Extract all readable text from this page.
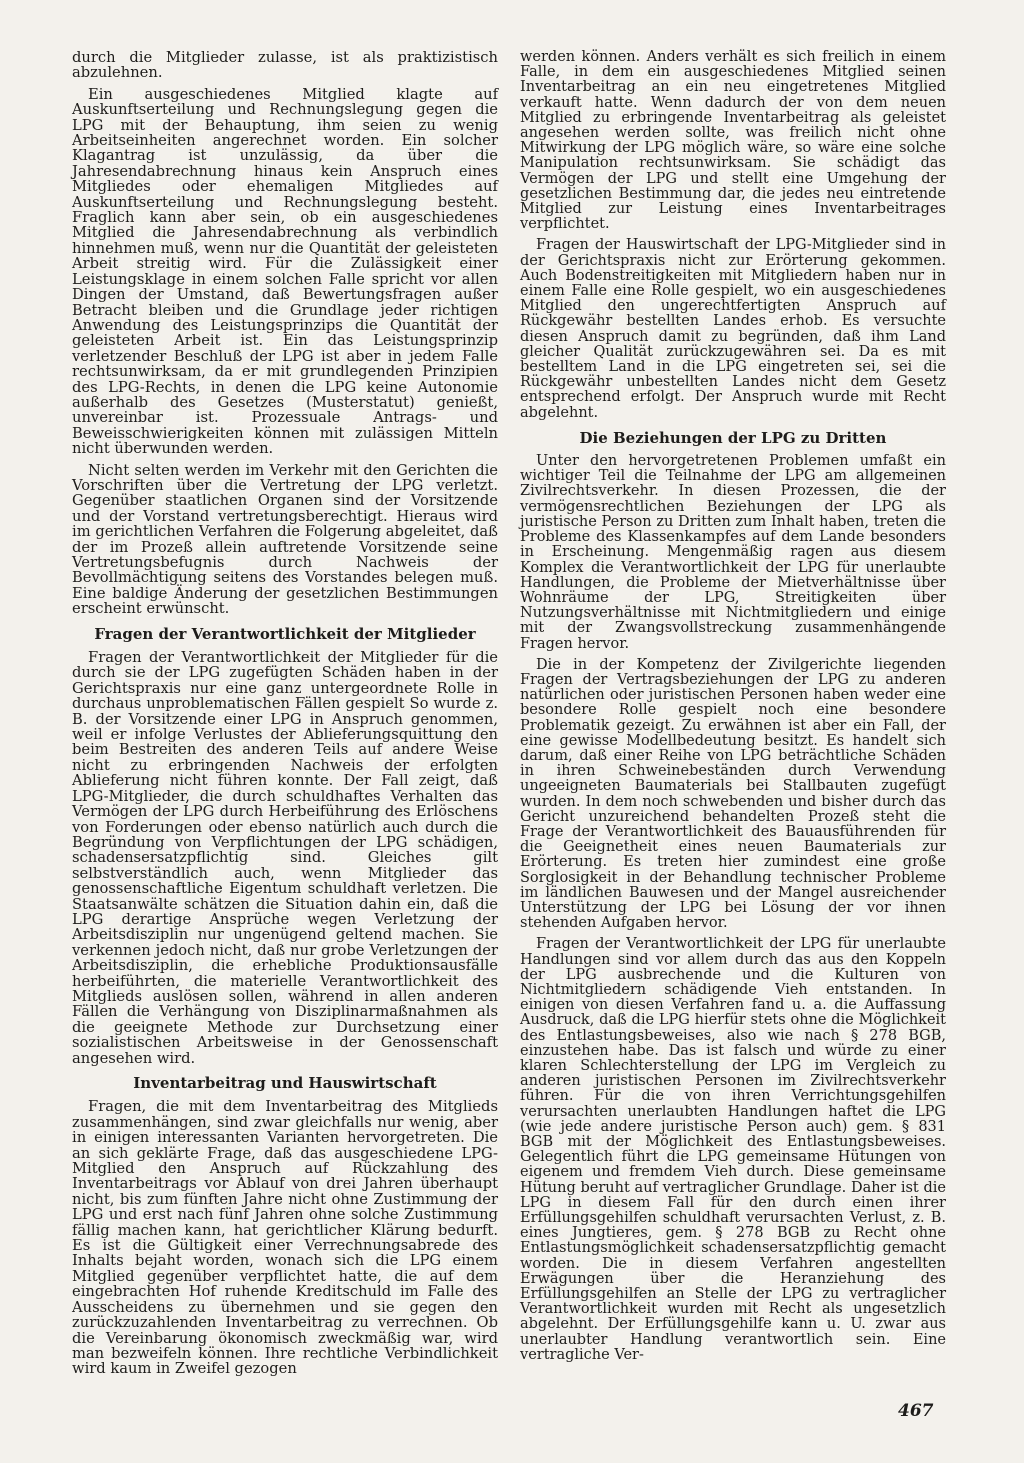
durch die Mitglieder zulasse, ist als praktizistisch abzulehnen.

Ein ausgeschiedenes Mitglied klagte auf Auskunftserteilung und Rechnungslegung gegen die LPG mit der Behauptung, ihm seien zu wenig Arbeitseinheiten angerechnet worden. Ein solcher Klagantrag ist unzulässig, da über die Jahresendabrechnung hinaus kein Anspruch eines Mitgliedes oder ehemaligen Mitgliedes auf Auskunftserteilung und Rechnungslegung besteht. Fraglich kann aber sein, ob ein ausgeschiedenes Mitglied die Jahresendabrechnung als verbindlich hinnehmen muß, wenn nur die Quantität der geleisteten Arbeit streitig wird. Für die Zulässigkeit einer Leistungsklage in einem solchen Falle spricht vor allen Dingen der Umstand, daß Bewertungsfragen außer Betracht bleiben und die Grundlage jeder richtigen Anwendung des Leistungsprinzips die Quantität der geleisteten Arbeit ist. Ein das Leistungsprinzip verletzender Beschluß der LPG ist aber in jedem Falle rechtsunwirksam, da er mit grundlegenden Prinzipien des LPG-Rechts, in denen die LPG keine Autonomie außerhalb des Gesetzes (Musterstatut) genießt, unvereinbar ist. Prozessuale Antrags- und Beweisschwierigkeiten können mit zulässigen Mitteln nicht überwunden werden.

Nicht selten werden im Verkehr mit den Gerichten die Vorschriften über die Vertretung der LPG verletzt. Gegenüber staatlichen Organen sind der Vorsitzende und der Vorstand vertretungsberechtigt. Hieraus wird im gerichtlichen Verfahren die Folgerung abgeleitet, daß der im Prozeß allein auftretende Vorsitzende seine Vertretungsbefugnis durch Nachweis der Bevollmächtigung seitens des Vorstandes belegen muß. Eine baldige Änderung der gesetzlichen Bestimmungen erscheint erwünscht.

Fragen der Verantwortlichkeit der Mitglieder

Fragen der Verantwortlichkeit der Mitglieder für die durch sie der LPG zugefügten Schäden haben in der Gerichtspraxis nur eine ganz untergeordnete Rolle in durchaus unproblematischen Fällen gespielt So wurde z. B. der Vorsitzende einer LPG in Anspruch genommen, weil er infolge Verlustes der Ablieferungsquittung den beim Bestreiten des anderen Teils auf andere Weise nicht zu erbringenden Nachweis der erfolgten Ablieferung nicht führen konnte. Der Fall zeigt, daß LPG-Mitglieder, die durch schuldhaftes Verhalten das Vermögen der LPG durch Herbeiführung des Erlöschens von Forderungen oder ebenso natürlich auch durch die Begründung von Verpflichtungen der LPG schädigen, schadensersatzpflichtig sind. Gleiches gilt selbstverständlich auch, wenn Mitglieder das genossenschaftliche Eigentum schuldhaft verletzen. Die Staatsanwälte schätzen die Situation dahin ein, daß die LPG derartige Ansprüche wegen Verletzung der Arbeitsdisziplin nur ungenügend geltend machen. Sie verkennen jedoch nicht, daß nur grobe Verletzungen der Arbeitsdisziplin, die erhebliche Produktionsausfälle herbeiführten, die materielle Verantwortlichkeit des Mitglieds auslösen sollen, während in allen anderen Fällen die Verhängung von Disziplinarmaßnahmen als die geeignete Methode zur Durchsetzung einer sozialistischen Arbeitsweise in der Genossenschaft angesehen wird.

Inventarbeitrag und Hauswirtschaft

Fragen, die mit dem Inventarbeitrag des Mitglieds zusammenhängen, sind zwar gleichfalls nur wenig, aber in einigen interessanten Varianten hervorgetreten. Die an sich geklärte Frage, daß das ausgeschiedene LPG-Mitglied den Anspruch auf Rückzahlung des Inventarbeitrags vor Ablauf von drei Jahren überhaupt nicht, bis zum fünften Jahre nicht ohne Zustimmung der LPG und erst nach fünf Jahren ohne solche Zustimmung fällig machen kann, hat gerichtlicher Klärung bedurft. Es ist die Gültigkeit einer Verrechnungsabrede des Inhalts bejaht worden, wonach sich die LPG einem Mitglied gegenüber verpflichtet hatte, die auf dem eingebrachten Hof ruhende Kreditschuld im Falle des Ausscheidens zu übernehmen und sie gegen den zurückzuzahlenden Inventarbeitrag zu verrechnen. Ob die Vereinbarung ökonomisch zweckmäßig war, wird man bezweifeln können. Ihre rechtliche Verbindlichkeit wird kaum in Zweifel gezogen

werden können. Anders verhält es sich freilich in einem Falle, in dem ein ausgeschiedenes Mitglied seinen Inventarbeitrag an ein neu eingetretenes Mitglied verkauft hatte. Wenn dadurch der von dem neuen Mitglied zu erbringende Inventarbeitrag als geleistet angesehen werden sollte, was freilich nicht ohne Mitwirkung der LPG möglich wäre, so wäre eine solche Manipulation rechtsunwirksam. Sie schädigt das Vermögen der LPG und stellt eine Umgehung der gesetzlichen Bestimmung dar, die jedes neu eintretende Mitglied zur Leistung eines Inventarbeitrages verpflichtet.

Fragen der Hauswirtschaft der LPG-Mitglieder sind in der Gerichtspraxis nicht zur Erörterung gekommen. Auch Bodenstreitigkeiten mit Mitgliedern haben nur in einem Falle eine Rolle gespielt, wo ein ausgeschiedenes Mitglied den ungerechtfertigten Anspruch auf Rückgewähr bestellten Landes erhob. Es versuchte diesen Anspruch damit zu begründen, daß ihm Land gleicher Qualität zurückzugewähren sei. Da es mit bestelltem Land in die LPG eingetreten sei, sei die Rückgewähr unbestellten Landes nicht dem Gesetz entsprechend erfolgt. Der Anspruch wurde mit Recht abgelehnt.

Die Beziehungen der LPG zu Dritten

Unter den hervorgetretenen Problemen umfaßt ein wichtiger Teil die Teilnahme der LPG am allgemeinen Zivilrechtsverkehr. In diesen Prozessen, die der vermögensrechtlichen Beziehungen der LPG als juristische Person zu Dritten zum Inhalt haben, treten die Probleme des Klassenkampfes auf dem Lande besonders in Erscheinung. Mengenmäßig ragen aus diesem Komplex die Verantwortlichkeit der LPG für unerlaubte Handlungen, die Probleme der Mietverhältnisse über Wohnräume der LPG, Streitigkeiten über Nutzungsverhältnisse mit Nichtmitgliedern und einige mit der Zwangsvollstreckung zusammenhängende Fragen hervor.

Die in der Kompetenz der Zivilgerichte liegenden Fragen der Vertragsbeziehungen der LPG zu anderen natürlichen oder juristischen Personen haben weder eine besondere Rolle gespielt noch eine besondere Problematik gezeigt. Zu erwähnen ist aber ein Fall, der eine gewisse Modellbedeutung besitzt. Es handelt sich darum, daß einer Reihe von LPG beträchtliche Schäden in ihren Schweinebeständen durch Verwendung ungeeigneten Baumaterials bei Stallbauten zugefügt wurden. In dem noch schwebenden und bisher durch das Gericht unzureichend behandelten Prozeß steht die Frage der Verantwortlichkeit des Bauausführenden für die Geeignetheit eines neuen Baumaterials zur Erörterung. Es treten hier zumindest eine große Sorglosigkeit in der Behandlung technischer Probleme im ländlichen Bauwesen und der Mangel ausreichender Unterstützung der LPG bei Lösung der vor ihnen stehenden Aufgaben hervor.

Fragen der Verantwortlichkeit der LPG für unerlaubte Handlungen sind vor allem durch das aus den Koppeln der LPG ausbrechende und die Kulturen von Nichtmitgliedern schädigende Vieh entstanden. In einigen von diesen Verfahren fand u. a. die Auffassung Ausdruck, daß die LPG hierfür stets ohne die Möglichkeit des Entlastungsbeweises, also wie nach § 278 BGB, einzustehen habe. Das ist falsch und würde zu einer klaren Schlechterstellung der LPG im Vergleich zu anderen juristischen Personen im Zivilrechtsverkehr führen. Für die von ihren Verrichtungsgehilfen verursachten unerlaubten Handlungen haftet die LPG (wie jede andere juristische Person auch) gem. § 831 BGB mit der Möglichkeit des Entlastungsbeweises. Gelegentlich führt die LPG gemeinsame Hütungen von eigenem und fremdem Vieh durch. Diese gemeinsame Hütung beruht auf vertraglicher Grundlage. Daher ist die LPG in diesem Fall für den durch einen ihrer Erfüllungsgehilfen schuldhaft verursachten Verlust, z. B. eines Jungtieres, gem. § 278 BGB zu Recht ohne Entlastungsmöglichkeit schadensersatzpflichtig gemacht worden. Die in diesem Verfahren angestellten Erwägungen über die Heranziehung des Erfüllungsgehilfen an Stelle der LPG zu vertraglicher Verantwortlichkeit wurden mit Recht als ungesetzlich abgelehnt. Der Erfüllungsgehilfe kann u. U. zwar aus unerlaubter Handlung verantwortlich sein. Eine vertragliche Ver-

467
